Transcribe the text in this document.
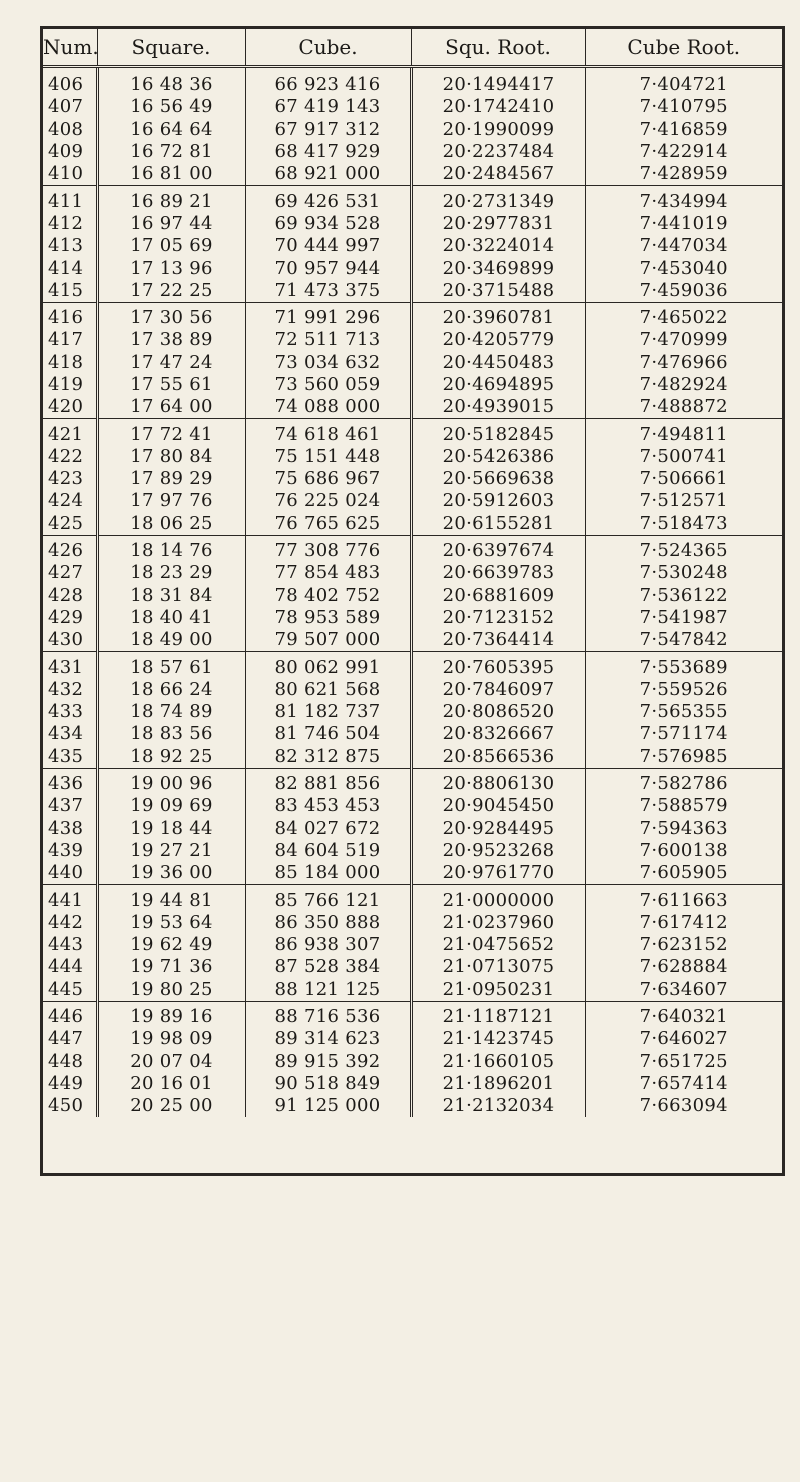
Num.	Square.	Cube.	Squ. Root.	Cube Root.
406	16 48 36	66 923 416	20·1494417	7·404721
407	16 56 49	67 419 143	20·1742410	7·410795
408	16 64 64	67 917 312	20·1990099	7·416859
409	16 72 81	68 417 929	20·2237484	7·422914
410	16 81 00	68 921 000	20·2484567	7·428959
411	16 89 21	69 426 531	20·2731349	7·434994
412	16 97 44	69 934 528	20·2977831	7·441019
413	17 05 69	70 444 997	20·3224014	7·447034
414	17 13 96	70 957 944	20·3469899	7·453040
415	17 22 25	71 473 375	20·3715488	7·459036
416	17 30 56	71 991 296	20·3960781	7·465022
417	17 38 89	72 511 713	20·4205779	7·470999
418	17 47 24	73 034 632	20·4450483	7·476966
419	17 55 61	73 560 059	20·4694895	7·482924
420	17 64 00	74 088 000	20·4939015	7·488872
421	17 72 41	74 618 461	20·5182845	7·494811
422	17 80 84	75 151 448	20·5426386	7·500741
423	17 89 29	75 686 967	20·5669638	7·506661
424	17 97 76	76 225 024	20·5912603	7·512571
425	18 06 25	76 765 625	20·6155281	7·518473
426	18 14 76	77 308 776	20·6397674	7·524365
427	18 23 29	77 854 483	20·6639783	7·530248
428	18 31 84	78 402 752	20·6881609	7·536122
429	18 40 41	78 953 589	20·7123152	7·541987
430	18 49 00	79 507 000	20·7364414	7·547842
431	18 57 61	80 062 991	20·7605395	7·553689
432	18 66 24	80 621 568	20·7846097	7·559526
433	18 74 89	81 182 737	20·8086520	7·565355
434	18 83 56	81 746 504	20·8326667	7·571174
435	18 92 25	82 312 875	20·8566536	7·576985
436	19 00 96	82 881 856	20·8806130	7·582786
437	19 09 69	83 453 453	20·9045450	7·588579
438	19 18 44	84 027 672	20·9284495	7·594363
439	19 27 21	84 604 519	20·9523268	7·600138
440	19 36 00	85 184 000	20·9761770	7·605905
441	19 44 81	85 766 121	21·0000000	7·611663
442	19 53 64	86 350 888	21·0237960	7·617412
443	19 62 49	86 938 307	21·0475652	7·623152
444	19 71 36	87 528 384	21·0713075	7·628884
445	19 80 25	88 121 125	21·0950231	7·634607
446	19 89 16	88 716 536	21·1187121	7·640321
447	19 98 09	89 314 623	21·1423745	7·646027
448	20 07 04	89 915 392	21·1660105	7·651725
449	20 16 01	90 518 849	21·1896201	7·657414
450	20 25 00	91 125 000	21·2132034	7·663094
